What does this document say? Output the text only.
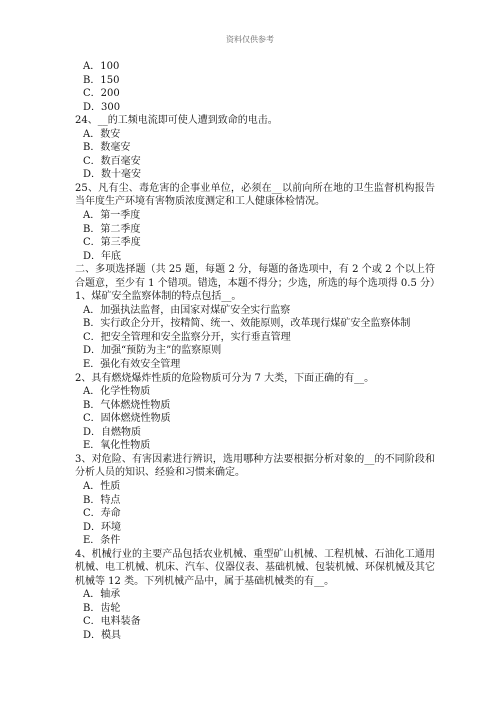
资料仅供参考
A．100
B．150
C．200
D．300
24、__的工频电流即可使人遭到致命的电击。
A．数安
B．数毫安
C．数百毫安
D．数十毫安
25、凡有尘、毒危害的企事业单位，必须在__以前向所在地的卫生监督机构报告当年度生产环境有害物质浓度测定和工人健康体检情况。
A．第一季度
B．第二季度
C．第三季度
D．年底
二、多项选择题（共 25 题，每题 2 分，每题的备选项中，有 2 个或 2 个以上符合题意，至少有 1 个错项。错选，本题不得分；少选，所选的每个选项得 0.5 分）
1、煤矿安全监察体制的特点包括__。
A．加强执法监督，由国家对煤矿安全实行监察
B．实行政企分开，按精简、统一、效能原则，改革现行煤矿安全监察体制
C．把安全管理和安全监察分开，实行垂直管理
D．加强“预防为主”的监察原则
E．强化有效安全管理
2、具有燃烧爆炸性质的危险物质可分为 7 大类，下面正确的有__。
A．化学性物质
B．气体燃烧性物质
C．固体燃烧性物质
D．自燃物质
E．氧化性物质
3、对危险、有害因素进行辨识，选用哪种方法要根据分析对象的__的不同阶段和分析人员的知识、经验和习惯来确定。
A．性质
B．特点
C．寿命
D．环境
E．条件
4、机械行业的主要产品包括农业机械、重型矿山机械、工程机械、石油化工通用机械、电工机械、机床、汽车、仪器仪表、基础机械、包装机械、环保机械及其它机械等 12 类。下列机械产品中，属于基础机械类的有__。
A．轴承
B．齿轮
C．电料装备
D．模具
